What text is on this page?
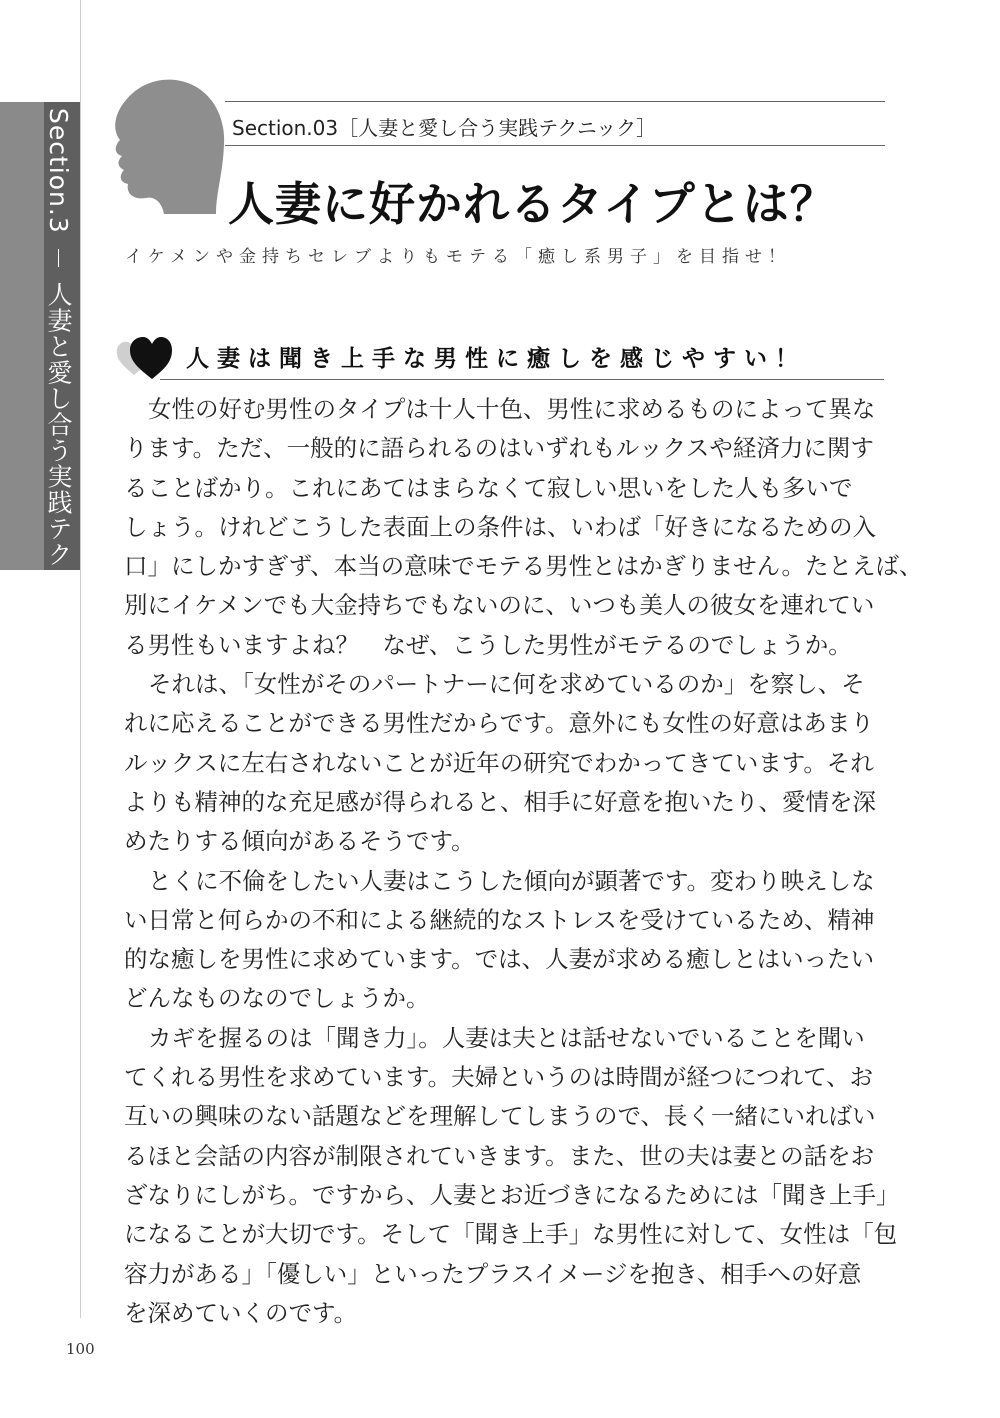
Section.3  人妻と愛し合う実践テクニック
Section.03［人妻と愛し合う実践テクニック］
人妻に好かれるタイプとは？
イケメンや金持ちセレブよりもモテる「癒し系男子」を目指せ！
人妻は聞き上手な男性に癒しを感じやすい！

女性の好む男性のタイプは十人十色、男性に求めるものによって異な

ります。ただ、一般的に語られるのはいずれもルックスや経済力に関す

ることばかり。これにあてはまらなくて寂しい思いをした人も多いで

しょう。けれどこうした表面上の条件は、いわば「好きになるための入

口」にしかすぎず、本当の意味でモテる男性とはかぎりません。たとえば、

別にイケメンでも大金持ちでもないのに、いつも美人の彼女を連れてい

る男性もいますよね？　なぜ、こうした男性がモテるのでしょうか。

それは、「女性がそのパートナーに何を求めているのか」を察し、そ

れに応えることができる男性だからです。意外にも女性の好意はあまり

ルックスに左右されないことが近年の研究でわかってきています。それ

よりも精神的な充足感が得られると、相手に好意を抱いたり、愛情を深

めたりする傾向があるそうです。

とくに不倫をしたい人妻はこうした傾向が顕著です。変わり映えしな

い日常と何らかの不和による継続的なストレスを受けているため、精神

的な癒しを男性に求めています。では、人妻が求める癒しとはいったい

どんなものなのでしょうか。

カギを握るのは「聞き力」。人妻は夫とは話せないでいることを聞い

てくれる男性を求めています。夫婦というのは時間が経つにつれて、お

互いの興味のない話題などを理解してしまうので、長く一緒にいればい

るほと会話の内容が制限されていきます。また、世の夫は妻との話をお

ざなりにしがち。ですから、人妻とお近づきになるためには「聞き上手」

になることが大切です。そして「聞き上手」な男性に対して、女性は「包

容力がある」「優しい」といったプラスイメージを抱き、相手への好意

を深めていくのです。

100
